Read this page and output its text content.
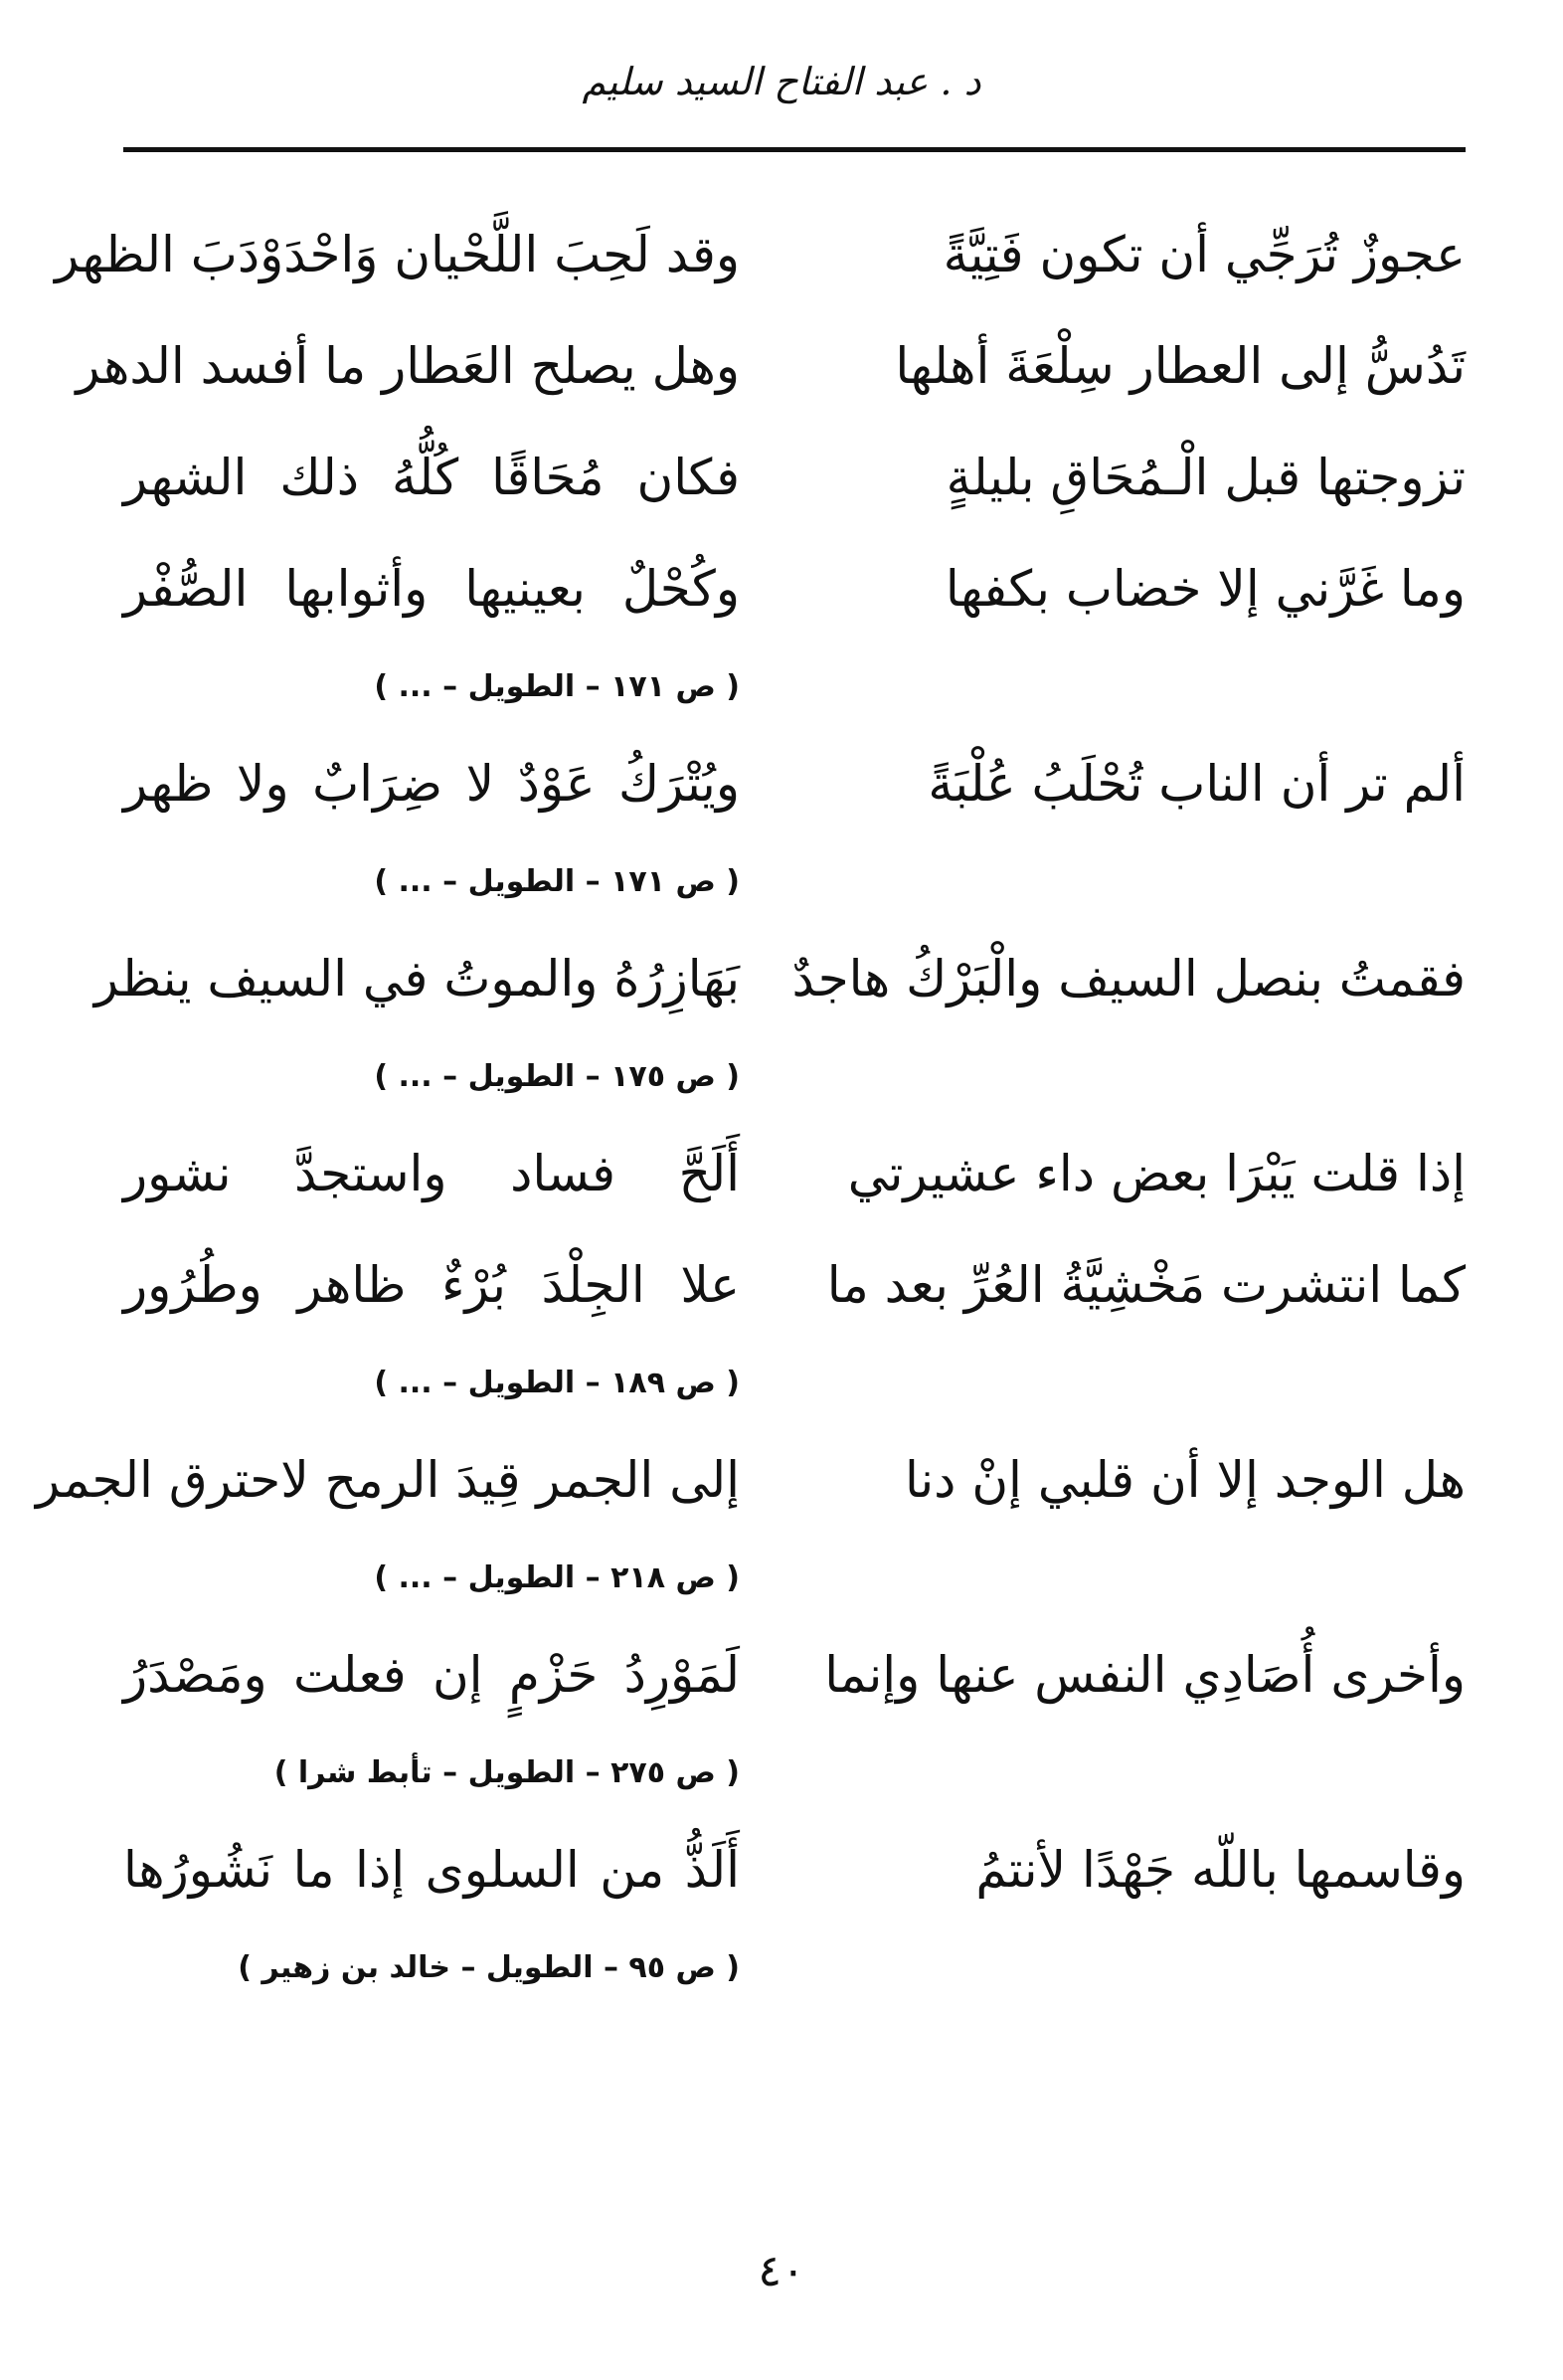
د . عبد الفتاح السيد سليم
عجوزٌ تُرَجِّي أن تكون فَتِيَّةً
وقد لَحِبَ اللَّحْيان وَاحْدَوْدَبَ الظهر
تَدُسُّ إلى العطار سِلْعَةَ أهلها
وهل يصلح العَطار ما أفسد الدهر
تزوجتها قبل الْـمُحَاقِ بليلةٍ
فكان مُحَاقًا كُلُّهُ ذلك الشهر
وما غَرَّني إلا خضاب بكفها
وكُحْلٌ بعينيها وأثوابها الصُّفْر
( ص ١٧١ – الطويل – ... )
ألم تر أن الناب تُحْلَبُ عُلْبَةً
ويُتْرَكُ عَوْدٌ لا ضِرَابٌ ولا ظهر
( ص ١٧١ – الطويل – ... )
فقمتُ بنصل السيف والْبَرْكُ هاجدٌ
بَهَازِرُهُ والموتُ في السيف ينظر
( ص ١٧٥ – الطويل – ... )
إذا قلت يَبْرَا بعض داء عشيرتي
أَلَحَّ فساد واستجدَّ نشور
كما انتشرت مَخْشِيَّةُ العُرِّ بعد ما
علا الجِلْدَ بُرْءٌ ظاهر وطُرُور
( ص ١٨٩ – الطويل – ... )
هل الوجد إلا أن قلبي إنْ دنا
إلى الجمر قِيدَ الرمح لاحترق الجمر
( ص ٢١٨ – الطويل – ... )
وأخرى أُصَادِي النفس عنها وإنما
لَمَوْرِدُ حَزْمٍ إن فعلت ومَصْدَرُ
( ص ٢٧٥ – الطويل – تأبط شرا )
وقاسمها باللّه جَهْدًا لأنتمُ
أَلَذُّ من السلوى إذا ما نَشُورُها
( ص ٩٥ – الطويل – خالد بن زهير )
٤٠
